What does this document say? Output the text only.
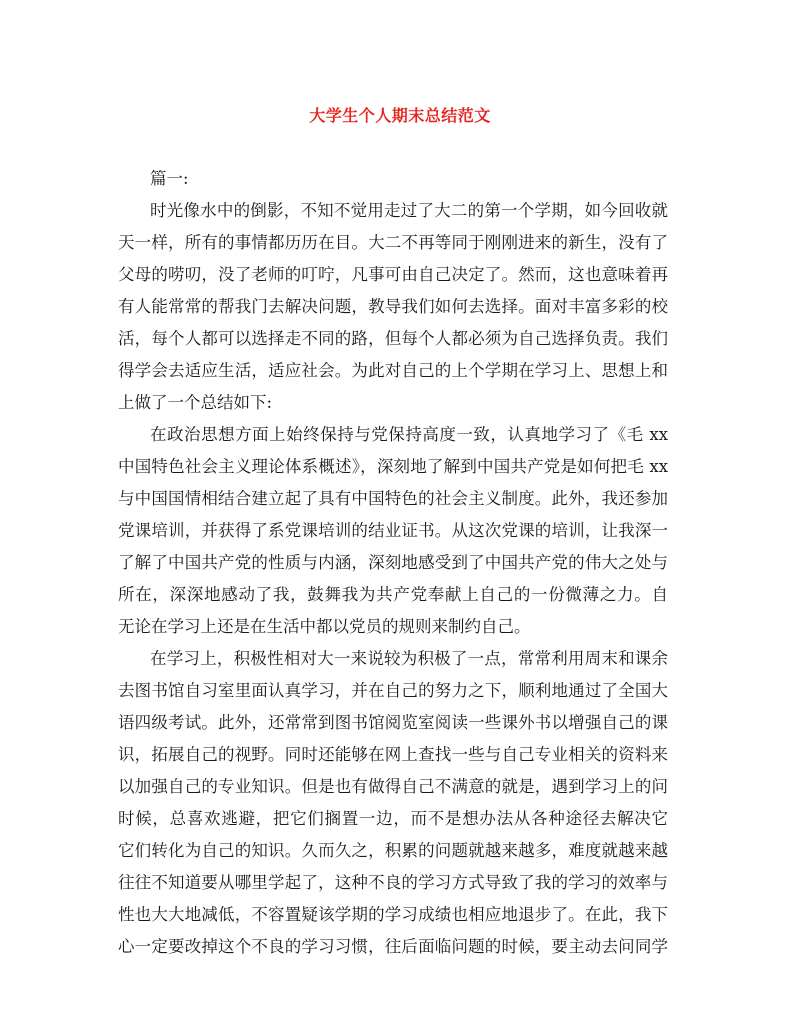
大学生个人期末总结范文
篇一:
时光像水中的倒影，不知不觉用走过了大二的第一个学期，如今回收就
天一样，所有的事情都历历在目。大二不再等同于刚刚进来的新生，没有了
父母的唠叨，没了老师的叮咛，凡事可由自己决定了。然而，这也意味着再
有人能常常的帮我门去解决问题，教导我们如何去选择。面对丰富多彩的校
活，每个人都可以选择走不同的路，但每个人都必须为自己选择负责。我们
得学会去适应生活，适应社会。为此对自己的上个学期在学习上、思想上和
上做了一个总结如下:
在政治思想方面上始终保持与党保持高度一致，认真地学习了《毛 xx
中国特色社会主义理论体系概述》，深刻地了解到中国共产党是如何把毛 xx
与中国国情相结合建立起了具有中国特色的社会主义制度。此外，我还参加
党课培训，并获得了系党课培训的结业证书。从这次党课的培训，让我深一
了解了中国共产党的性质与内涵，深刻地感受到了中国共产党的伟大之处与
所在，深深地感动了我，鼓舞我为共产党奉献上自己的一份微薄之力。自
无论在学习上还是在生活中都以党员的规则来制约自己。
在学习上，积极性相对大一来说较为积极了一点，常常利用周末和课余
去图书馆自习室里面认真学习，并在自己的努力之下，顺利地通过了全国大
语四级考试。此外，还常常到图书馆阅览室阅读一些课外书以增强自己的课
识，拓展自己的视野。同时还能够在网上查找一些与自己专业相关的资料来
以加强自己的专业知识。但是也有做得自己不满意的就是，遇到学习上的问
时候，总喜欢逃避，把它们搁置一边，而不是想办法从各种途径去解决它
它们转化为自己的知识。久而久之，积累的问题就越来越多，难度就越来越
往往不知道要从哪里学起了，这种不良的学习方式导致了我的学习的效率与
性也大大地减低，不容置疑该学期的学习成绩也相应地退步了。在此，我下
心一定要改掉这个不良的学习习惯，往后面临问题的时候，要主动去问同学
